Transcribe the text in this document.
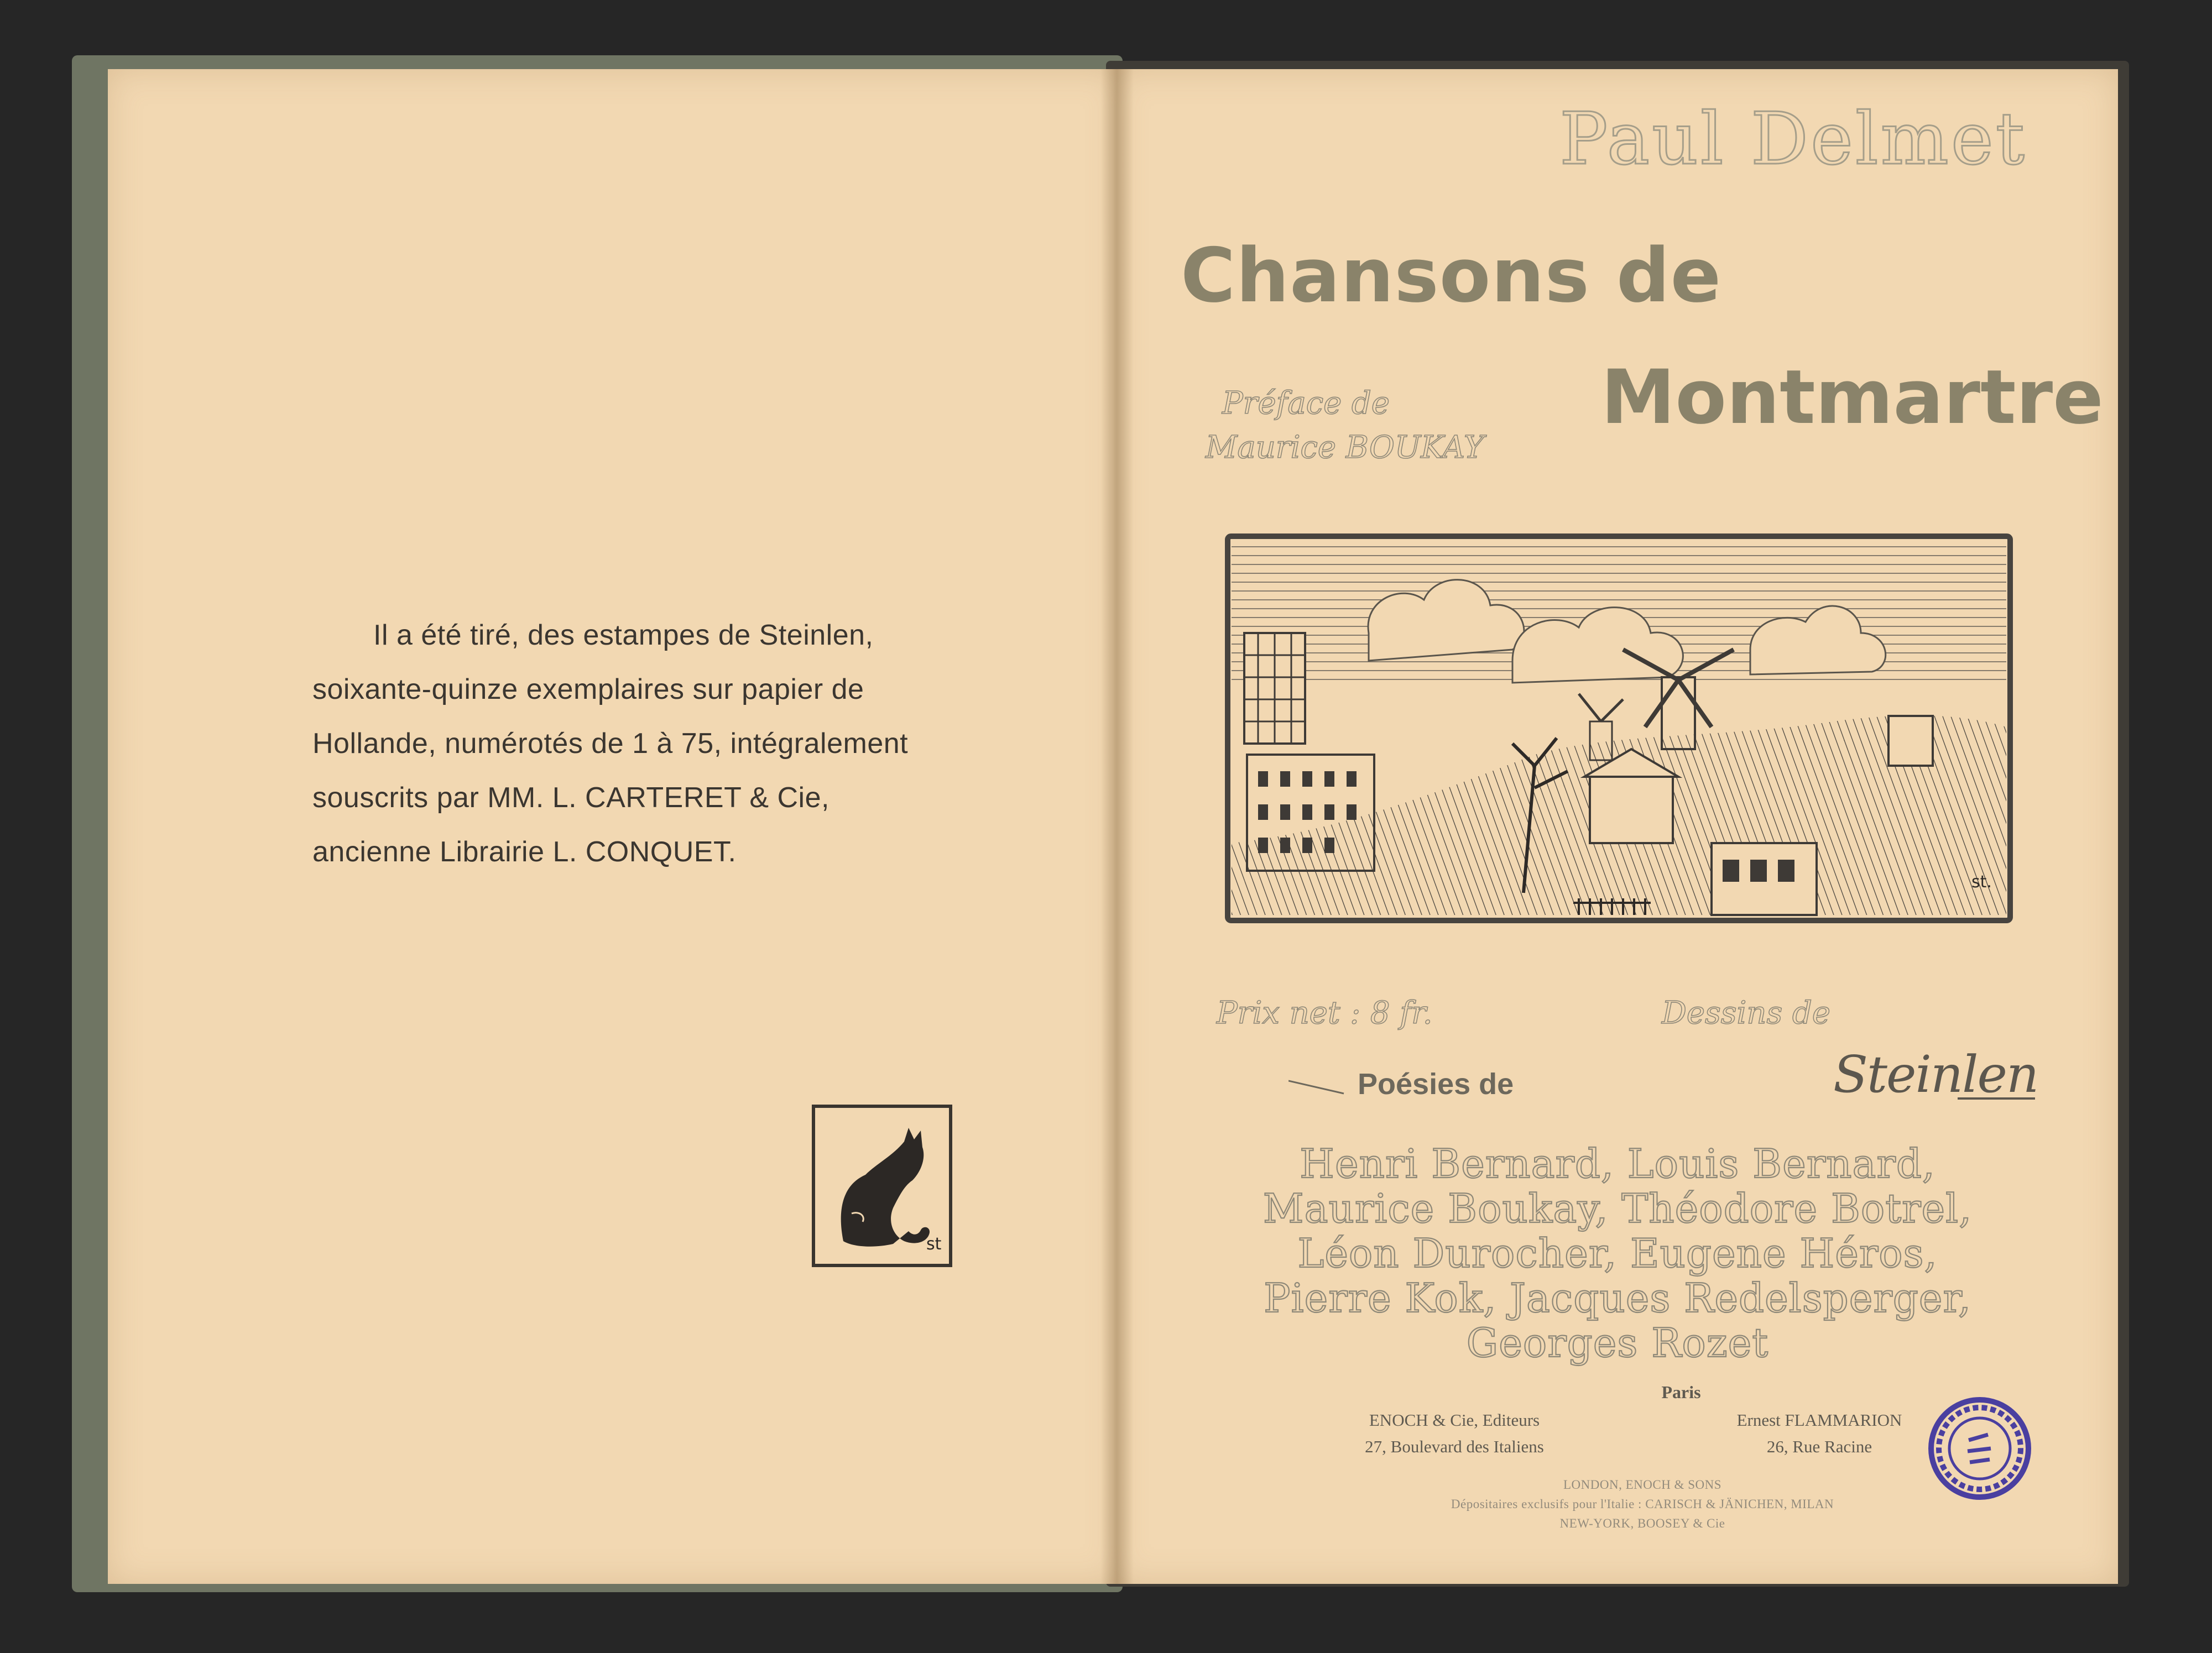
Il a été tiré, des estampes de Steinlen,
soixante-quinze exemplaires sur papier de
Hollande, numérotés de 1 à 75, intégralement
souscrits par MM. L. CARTERET & Cie,
ancienne Librairie L. CONQUET.
st
Paul Delmet
Chansons de
Montmartre
Préface de
Maurice BOUKAY
st.
Prix net : 8 fr.	Dessins de
Poésies de	Steinlen
Henri Bernard, Louis Bernard,
Maurice Boukay, Théodore Botrel,
Léon Durocher, Eugene Héros,
Pierre Kok, Jacques Redelsperger,
Georges Rozet
Paris
ENOCH & Cie, Editeurs
27, Boulevard des Italiens
Ernest FLAMMARION
26, Rue Racine
LONDON, ENOCH & SONS
Dépositaires exclusifs pour l'Italie : CARISCH & JÄNICHEN, MILAN
NEW-YORK, BOOSEY & Cie
